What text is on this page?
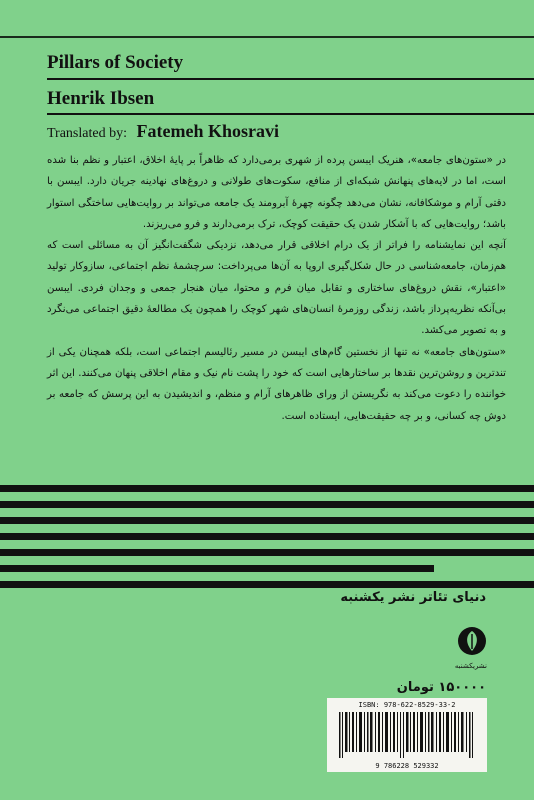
Pillars of Society
Henrik Ibsen
Translated by: Fatemeh Khosravi

در «ستون‌های جامعه»، هنریک ایبسن پرده از شهری برمی‌دارد که ظاهراً بر پایهٔ اخلاق، اعتبار و نظم بنا شده است، اما در لایه‌های پنهانش شبکه‌ای از منافع، سکوت‌های طولانی و دروغ‌های نهادینه جریان دارد. ایبسن با دقتی آرام و موشکافانه، نشان می‌دهد چگونه چهرهٔ آبرومند یک جامعه می‌تواند بر روایت‌هایی ساختگی استوار باشد؛ روایت‌هایی که با آشکار شدن یک حقیقت کوچک، ترک برمی‌دارند و فرو می‌ریزند.

آنچه این نمایشنامه را فراتر از یک درام اخلاقی قرار می‌دهد، نزدیکی شگفت‌انگیز آن به مسائلی است که هم‌زمان، جامعه‌شناسی در حال شکل‌گیری اروپا به آن‌ها می‌پرداخت: سرچشمهٔ نظم اجتماعی، سازوکار تولید «اعتبار»، نقش دروغ‌های ساختاری و تقابل میان فرم و محتوا، میان هنجار جمعی و وجدان فردی. ایبسن بی‌آنکه نظریه‌پرداز باشد، زندگی روزمرهٔ انسان‌های شهر کوچک را همچون یک مطالعهٔ دقیق اجتماعی می‌نگرد و به تصویر می‌کشد.

«ستون‌های جامعه» نه تنها از نخستین گام‌های ایبسن در مسیر رئالیسم اجتماعی است، بلکه همچنان یکی از تندترین و روشن‌ترین نقدها بر ساختارهایی است که خود را پشت نام نیک و مقام اخلاقی پنهان می‌کنند. این اثر خواننده را دعوت می‌کند به نگریستن از ورای ظاهرهای آرام و منظم، و اندیشیدن به این پرسش که جامعه بر دوش چه کسانی، و بر چه حقیقت‌هایی، ایستاده است.

دنیای تئاتر نشر یکشنبه
نشریکشنبه
۱۵۰۰۰۰ تومان
ISBN: 978-622-8529-33-2
9 786228 529332
